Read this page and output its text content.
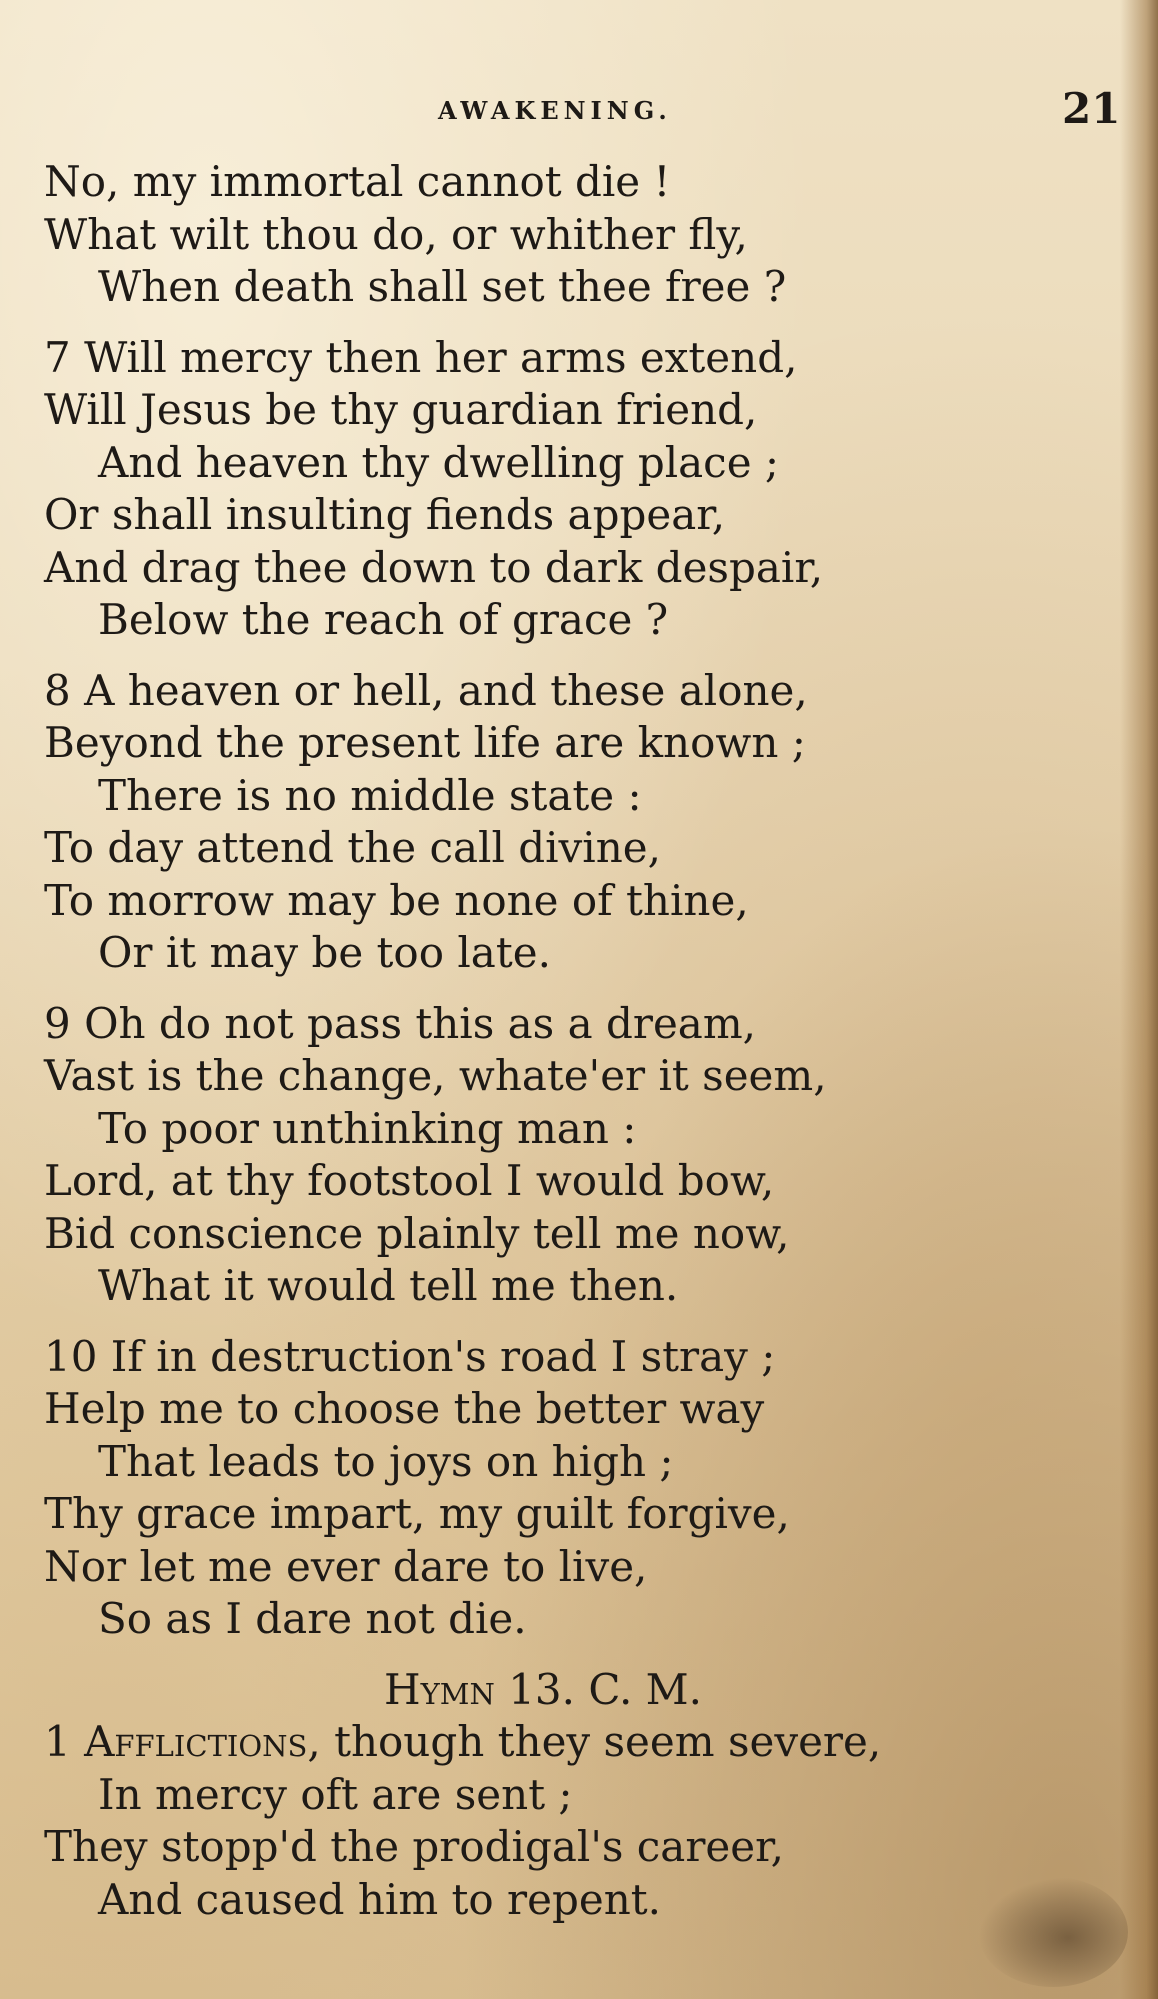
AWAKENING.	21
No, my immortal cannot die !
What wilt thou do, or whither fly,
When death shall set thee free ?
7 Will mercy then her arms extend,
Will Jesus be thy guardian friend,
And heaven thy dwelling place ;
Or shall insulting fiends appear,
And drag thee down to dark despair,
Below the reach of grace ?
8 A heaven or hell, and these alone,
Beyond the present life are known ;
There is no middle state :
To day attend the call divine,
To morrow may be none of thine,
Or it may be too late.
9 Oh do not pass this as a dream,
Vast is the change, whate'er it seem,
To poor unthinking man :
Lord, at thy footstool I would bow,
Bid conscience plainly tell me now,
What it would tell me then.
10 If in destruction's road I stray ;
Help me to choose the better way
That leads to joys on high ;
Thy grace impart, my guilt forgive,
Nor let me ever dare to live,
So as I dare not die.
Hymn 13. C. M.
1 Afflictions, though they seem severe,
In mercy oft are sent ;
They stopp'd the prodigal's career,
And caused him to repent.
